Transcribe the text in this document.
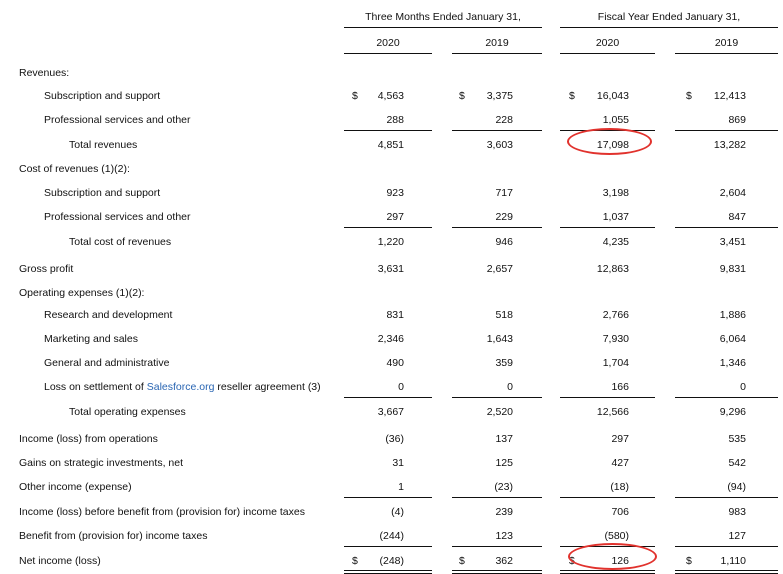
Three Months Ended January 31,	Fiscal Year Ended January 31,
2020	2019	2020	2019
Revenues:
Subscription and support	$	4,563	$	3,375	$	16,043	$	12,413
Professional services and other	288	228	1,055	869
Total revenues	4,851	3,603	17,098	13,282
Cost of revenues (1)(2):
Subscription and support	923	717	3,198	2,604
Professional services and other	297	229	1,037	847
Total cost of revenues	1,220	946	4,235	3,451
Gross profit	3,631	2,657	12,863	9,831
Operating expenses (1)(2):
Research and development	831	518	2,766	1,886
Marketing and sales	2,346	1,643	7,930	6,064
General and administrative	490	359	1,704	1,346
Loss on settlement of Salesforce.org reseller agreement (3)	0	0	166	0
Total operating expenses	3,667	2,520	12,566	9,296
Income (loss) from operations	(36)	137	297	535
Gains on strategic investments, net	31	125	427	542
Other income (expense)	1	(23)	(18)	(94)
Income (loss) before benefit from (provision for) income taxes	(4)	239	706	983
Benefit from (provision for) income taxes	(244)	123	(580)	127
Net income (loss)	$	(248)	$	362	$	126	$	1,110
